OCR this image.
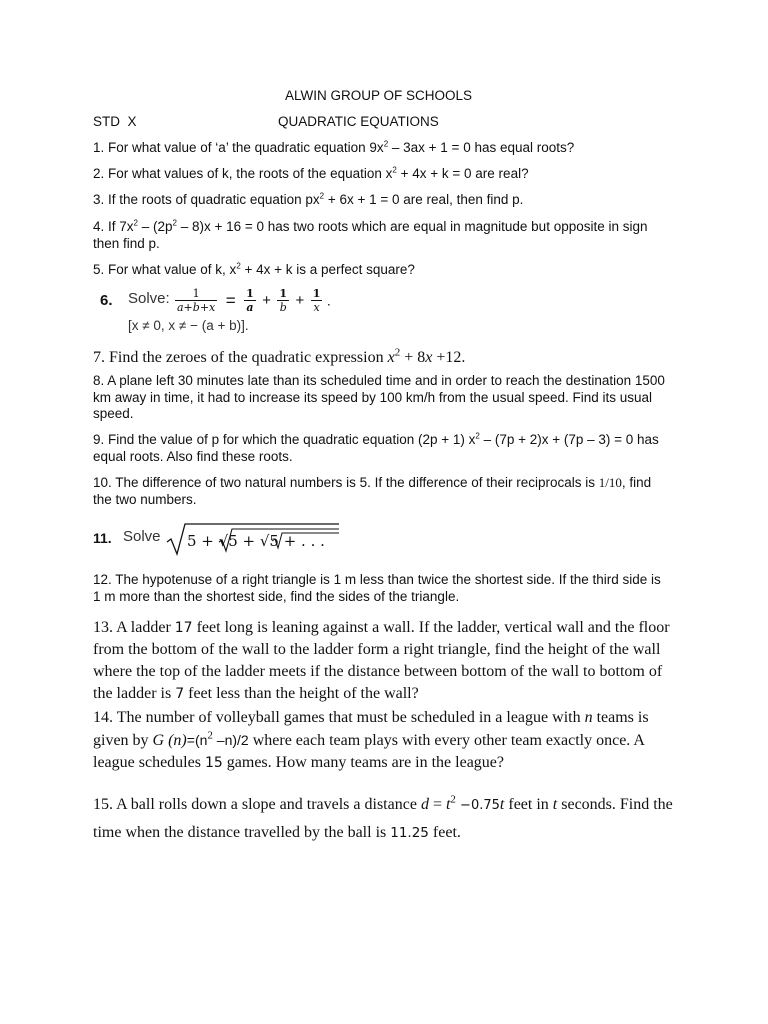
ALWIN GROUP OF SCHOOLS
STD  X	QUADRATIC EQUATIONS

1. For what value of ‘a’ the quadratic equation $9x^2 - 3ax + 1 = 0$ has equal roots?

2. For what values of k, the roots of the equation $x^2 + 4x + k = 0$ are real?

3. If the roots of quadratic equation $px^2 + 6x + 1 = 0$ are real, then find p.

4. If $7x^2 - (2p^2 - 8)x + 16 = 0$ has two roots which are equal in magnitude but opposite in sign then find p.

5. For what value of k, $x^2 + 4x + k$ is a perfect square?

6. Solve: $\frac{1}{a+b+x} = \frac{1}{a} + \frac{1}{b} + \frac{1}{x}$ .
[x ≠ 0, x ≠ − (a + b)].

7. Find the zeroes of the quadratic expression $x^2 + 8x +12$.

8. A plane left 30 minutes late than its scheduled time and in order to reach the destination 1500 km away in time, it had to increase its speed by 100 km/h from the usual speed. Find its usual speed.

9. Find the value of p for which the quadratic equation (2p + 1) $x^2 - (7p + 2)x + (7p - 3) = 0$ has equal roots. Also find these roots.

10. The difference of two natural numbers is 5. If the difference of their reciprocals is 1/10, find the two numbers.

11. Solve 5 + √5 + √5 + . . .

12. The hypotenuse of a right triangle is 1 m less than twice the shortest side. If the third side is 1 m more than the shortest side, find the sides of the triangle.

13. A ladder 17 feet long is leaning against a wall. If the ladder, vertical wall and the floor from the bottom of the wall to the ladder form a right triangle, find the height of the wall where the top of the ladder meets if the distance between bottom of the wall to bottom of the ladder is 7 feet less than the height of the wall?

14. The number of volleyball games that must be scheduled in a league with n teams is given by G $(n)=(n^2$ –n)/2 where each team plays with every other team exactly once. A league schedules 15 games. How many teams are in the league?

15. A ball rolls down a slope and travels a distance $d = t^2 -0.75t$ feet in t seconds. Find the time when the distance travelled by the ball is 11.25 feet.
